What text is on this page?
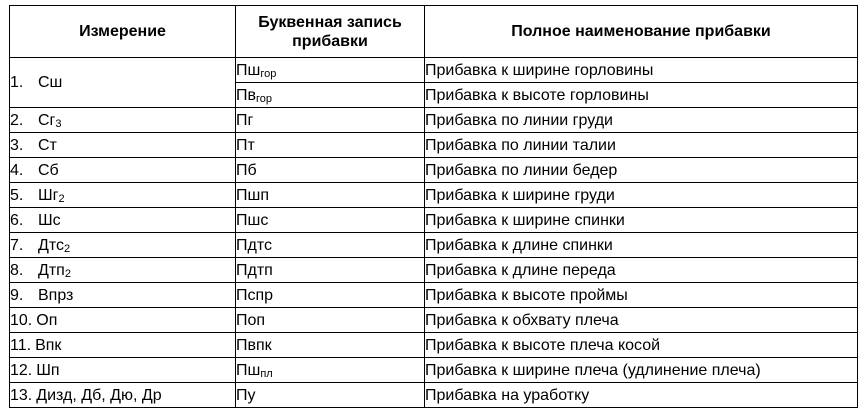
Измерение	Буквенная запись прибавки	Полное наименование прибавки
1. Сш	$Пш_{гор}$	Прибавка к ширине горловины
	$Пв_{гор}$	Прибавка к высоте горловины
2. $Сг_3$	Пг	Прибавка по линии груди
3. Ст	Пт	Прибавка по линии талии
4. Сб	Пб	Прибавка по линии бедер
5. $Шг_2$	Пшп	Прибавка к ширине груди
6. Шс	Пшс	Прибавка к ширине спинки
7. Дтс$_2$	Пдтс	Прибавка к длине спинки
8. Дтп$_2$	Пдтп	Прибавка к длине переда
9. Впрз	Пспр	Прибавка к высоте проймы
10. Оп	Поп	Прибавка к обхвату плеча
11. Впк	Пвпк	Прибавка к высоте плеча косой
12. Шп	$Пш_{пл}$	Прибавка к ширине плеча (удлинение плеча)
13. Дизд, Дб, Дю, Др	Пу	Прибавка на уработку
